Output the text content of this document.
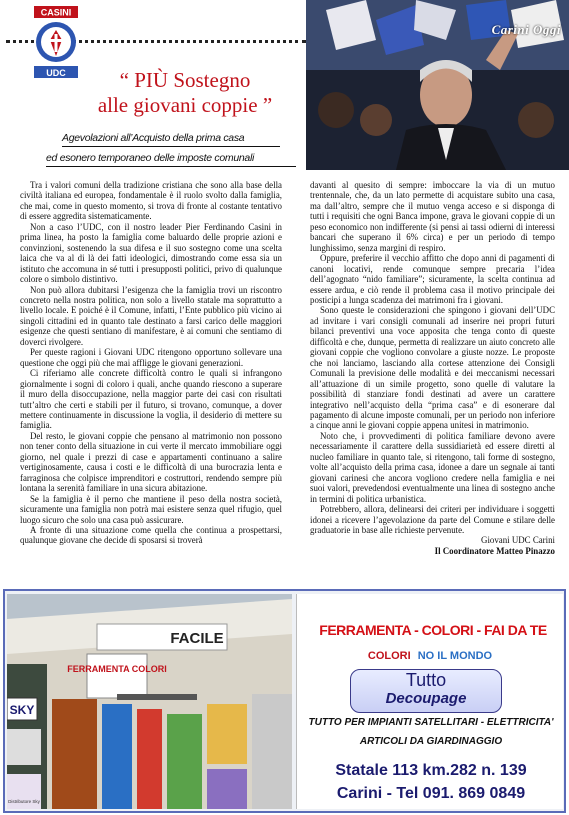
CASINI
UDC
Carini Oggi
“ PIÙ Sostegno
alle giovani coppie ”
Agevolazioni all’Acquisto della prima casa
ed esonero temporaneo delle imposte comunali

Tra i valori comuni della tradizione cristiana che sono alla base della civiltà italiana ed europea, fondamentale è il ruolo svolto dalla famiglia, che mai, come in questo momento, si trova di fronte al costante tentativo di essere aggredita sistematicamente.

Non a caso l’UDC, con il nostro leader Pier Ferdinando Casini in prima linea, ha posto la famiglia come baluardo delle proprie azioni e convinzioni, sostenendo la sua difesa e il suo sostegno come una scelta laica che va al di là dei fatti ideologici, dimostrando come essa sia un istituto che accomuna in sé tutti i presupposti politici, privo di qualunque colore o simbolo distintivo.

Non può allora dubitarsi l’esigenza che la famiglia trovi un riscontro concreto nella nostra politica, non solo a livello statale ma soprattutto a livello locale. E poiché è il Comune, infatti, l’Ente pubblico più vicino ai singoli cittadini ed in quanto tale destinato a farsi carico delle maggiori esigenze che questi sentiano di manifestare, è ai comuni che sentiamo di doverci rivolgere.

Per queste ragioni i Giovani UDC ritengono opportuno sollevare una questione che oggi più che mai affligge le giovani generazioni.

Ci riferiamo alle concrete difficoltà contro le quali si infrangono giornalmente i sogni di coloro i quali, anche quando riescono a superare il muro della disoccupazione, nella maggior parte dei casi con risultati tutt’altro che certi e stabili per il futuro, si trovano, comunque, a dover mettere continuamente in discussione la voglia, il desiderio di mettere su famiglia.

Del resto, le giovani coppie che pensano al matrimonio non possono non tener conto della situazione in cui verte il mercato immobiliare oggi giorno, nel quale i prezzi di case e appartamenti continuano a salire vertiginosamente, causa i costi e le difficoltà di una burocrazia lenta e farraginosa che colpisce imprenditori e costruttori, rendendo sempre più lontana la serenità familiare in una sicura abitazione.

Se la famiglia è il perno che mantiene il peso della nostra società, sicuramente una famiglia non potrà mai esistere senza quel rifugio, quel luogo sicuro che solo una casa può assicurare.

A fronte di una situazione come quella che continua a prospettarsi, qualunque giovane che decide di sposarsi si troverà

davanti al quesito di sempre: imboccare la via di un mutuo trentennale, che, da un lato permette di acquistare subito una casa, ma dall’altro, sempre che il mutuo venga acceso e si disponga di tutti i requisiti che ogni Banca impone, grava le giovani coppie di un peso economico non indifferente (si pensi ai tassi odierni di interessi bancari che superano il 6% circa) e per un periodo di tempo lunghissimo, senza margini di respiro.

Oppure, preferire il vecchio affitto che dopo anni di pagamenti di canoni locativi, rende comunque sempre precaria l’idea dell’agognato “nido familiare”; sicuramente, la scelta continua ad essere ardua, e ciò rende il problema casa il motivo principale dei posticipi a lunga scadenza dei matrimoni fra i giovani.

Sono queste le considerazioni che spingono i giovani dell’UDC ad invitare i vari consigli comunali ad inserire nei propri futuri bilanci preventivi una voce apposita che tenga conto di queste difficoltà e che, dunque, permetta di realizzare un aiuto concreto alle giovani coppie che vogliono convolare a giuste nozze. Le proposte che noi lanciamo, lasciando alla cortese attenzione dei Consigli Comunali la previsione delle modalità e dei meccanismi necessari all’attuazione di un simile progetto, sono quelle di valutare la possibilità di stanziare fondi destinati ad avere un carattere integrativo nell’acquisto della “prima casa” e di esonerare dal pagamento di alcune imposte comunali, per un periodo non inferiore a cinque anni le giovani coppie appena unitesi in matrimonio.

Noto che, i provvedimenti di politica familiare devono avere necessariamente il carattere della sussidiarietà ed essere diretti al nucleo familiare in quanto tale, si ritengono, tali forme di sostegno, volte all’acquisto della prima casa, idonee a dare un segnale ai tanti giovani carinesi che ancora vogliono credere nella famiglia e nei suoi valori, prevedendosi eventualmente una linea di sostegno anche in termini di politica urbanistica.

Potrebbero, allora, delinearsi dei criteri per individuare i soggetti idonei a ricevere l’agevolazione da parte del Comune e stilare delle graduatorie in base alle richieste pervenute.

Giovani UDC Carini

Il Coordinatore Matteo Pinazzo

FACILE
FERRAMENTA COLORI
SKY
Distributore Sky
FERRAMENTA - COLORI - FAI DA TE
COLORI NO IL MONDO
Tutto
Decoupage
TUTTO PER IMPIANTI SATELLITARI - ELETTRICITA'
ARTICOLI DA GIARDINAGGIO
Statale 113 km.282 n. 139
Carini - Tel 091. 869 0849
